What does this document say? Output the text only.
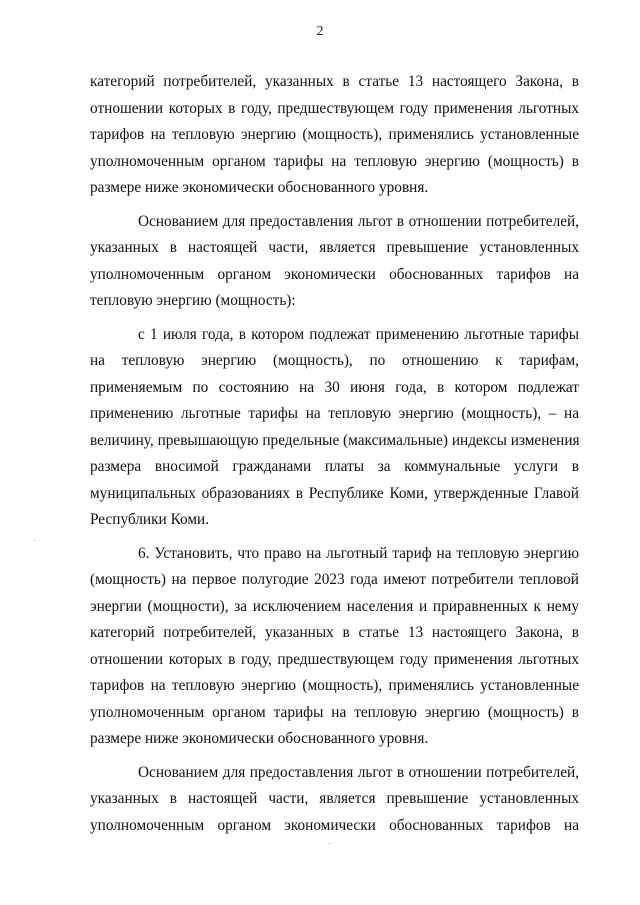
2
категорий потребителей, указанных в статье 13 настоящего Закона, в
отношении которых в году, предшествующем году применения льготных
тарифов на тепловую энергию (мощность), применялись установленные
уполномоченным органом тарифы на тепловую энергию (мощность) в
размере ниже экономически обоснованного уровня.
Основанием для предоставления льгот в отношении потребителей,
указанных в настоящей части, является превышение установленных
уполномоченным органом экономически обоснованных тарифов на
тепловую энергию (мощность):
с 1 июля года, в котором подлежат применению льготные тарифы
на тепловую энергию (мощность), по отношению к тарифам,
применяемым по состоянию на 30 июня года, в котором подлежат
применению льготные тарифы на тепловую энергию (мощность), – на
величину, превышающую предельные (максимальные) индексы изменения
размера вносимой гражданами платы за коммунальные услуги в
муниципальных образованиях в Республике Коми, утвержденные Главой
Республики Коми.
6. Установить, что право на льготный тариф на тепловую энергию
(мощность) на первое полугодие 2023 года имеют потребители тепловой
энергии (мощности), за исключением населения и приравненных к нему
категорий потребителей, указанных в статье 13 настоящего Закона, в
отношении которых в году, предшествующем году применения льготных
тарифов на тепловую энергию (мощность), применялись установленные
уполномоченным органом тарифы на тепловую энергию (мощность) в
размере ниже экономически обоснованного уровня.
Основанием для предоставления льгот в отношении потребителей,
указанных в настоящей части, является превышение установленных
уполномоченным органом экономически обоснованных тарифов на
